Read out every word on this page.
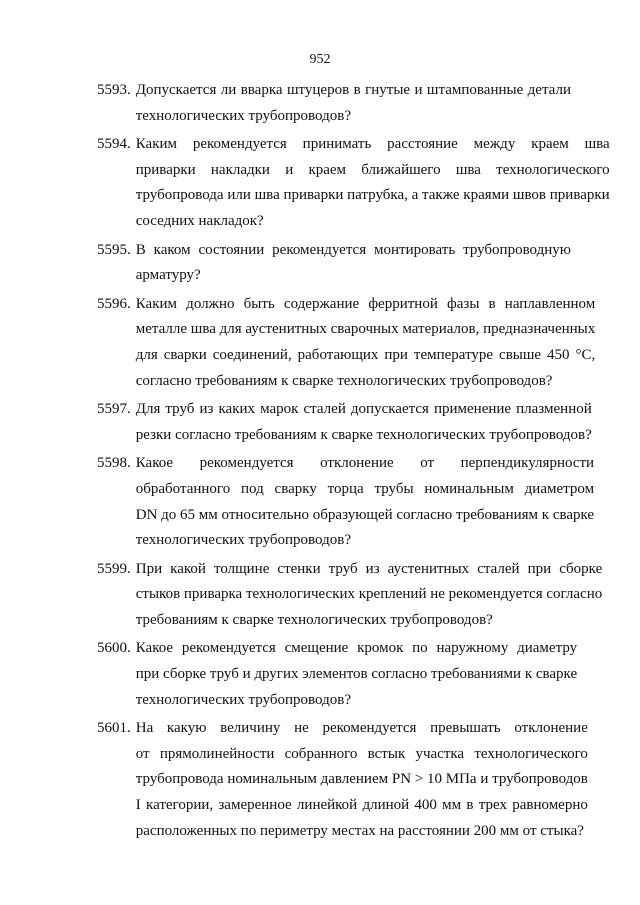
952
5593. Допускается ли вварка штуцеров в гнутые и штампованные детали
технологических трубопроводов?
5594. Каким рекомендуется принимать расстояние между краем шва
приварки накладки и краем ближайшего шва технологического
трубопровода или шва приварки патрубка, а также краями швов приварки
соседних накладок?
5595. В каком состоянии рекомендуется монтировать трубопроводную
арматуру?
5596. Каким должно быть содержание ферритной фазы в наплавленном
металле шва для аустенитных сварочных материалов, предназначенных
для сварки соединений, работающих при температуре свыше 450 °С,
согласно требованиям к сварке технологических трубопроводов?
5597. Для труб из каких марок сталей допускается применение плазменной
резки согласно требованиям к сварке технологических трубопроводов?
5598. Какое рекомендуется отклонение от перпендикулярности
обработанного под сварку торца трубы номинальным диаметром
DN до 65 мм относительно образующей согласно требованиям к сварке
технологических трубопроводов?
5599. При какой толщине стенки труб из аустенитных сталей при сборке
стыков приварка технологических креплений не рекомендуется согласно
требованиям к сварке технологических трубопроводов?
5600. Какое рекомендуется смещение кромок по наружному диаметру
при сборке труб и других элементов согласно требованиями к сварке
технологических трубопроводов?
5601. На какую величину не рекомендуется превышать отклонение
от прямолинейности собранного встык участка технологического
трубопровода номинальным давлением PN > 10 МПа и трубопроводов
I категории, замеренное линейкой длиной 400 мм в трех равномерно
расположенных по периметру местах на расстоянии 200 мм от стыка?
